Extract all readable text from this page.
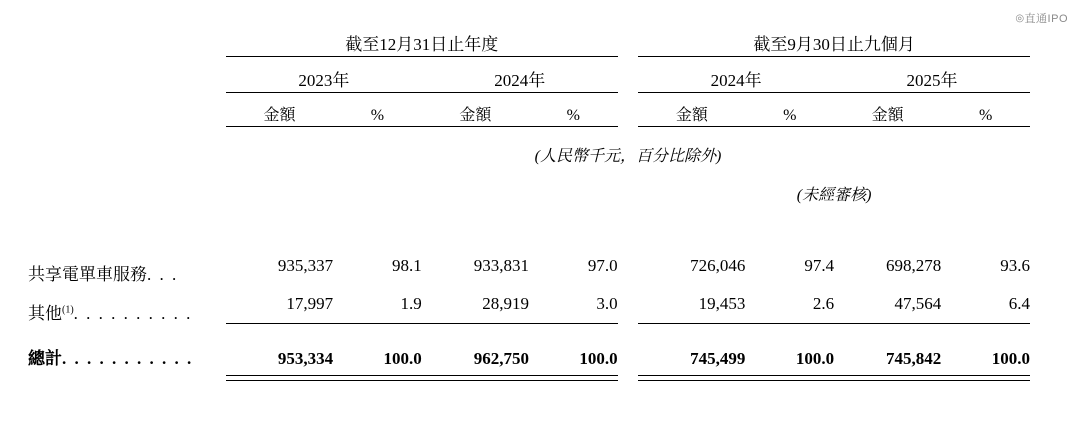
◎直通IPO
	截至12月31日止年度					截至9月30日止九個月			

	2023年		2024年			2024年		2025年	

	金額	%	金額	%		金額	%	金額	%

	(人民幣千元，百分比除外)								

						(未經審核)			

共享電單車服務. . .	935,337	98.1	933,831	97.0		726,046	97.4	698,278	93.6
其他$^{(1)}$. . . . . . . . . .	17,997	1.9	28,919	3.0		19,453	2.6	47,564	6.4

總計. . . . . . . . . . .	953,334	100.0	962,750	100.0		745,499	100.0	745,842	100.0
